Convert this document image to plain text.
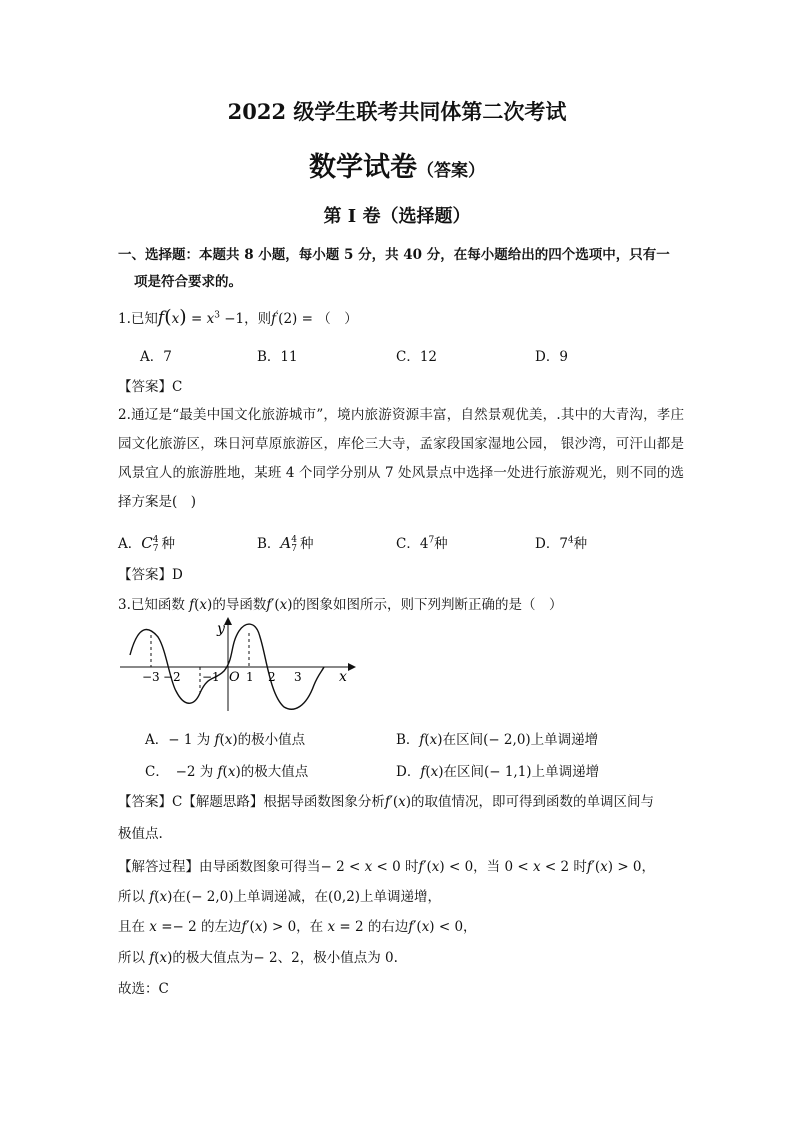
2022 级学生联考共同体第二次考试
数学试卷（答案）
第 I 卷（选择题）
一、选择题：本题共 8 小题，每小题 5 分，共 40 分，在每小题给出的四个选项中，只有一
项是符合要求的。
1.已知$f(x) = x^3 -1$，则f′(2) = （　）
A．7	B．11	C．12	D．9
【答案】C
2.通辽是“最美中国文化旅游城市”，境内旅游资源丰富，自然景观优美，.其中的大青沟，孝庄园文化旅游区，珠日河草原旅游区，库伦三大寺，孟家段国家湿地公园， 银沙湾，可汗山都是风景宜人的旅游胜地，某班 4 个同学分别从 7 处风景点中选择一处进行旅游观光，则不同的选择方案是(　)
A．C 4
7 种	B．A 4
7 种	C．$4^7$种	D．$7^4$种
【答案】D
3.已知函数 𝑓(𝑥)的导函数𝑓′(𝑥)的图象如图所示，则下列判断正确的是（　）
y
x
O
−3 −2 −1 1 2 3
A．− 1 为 𝑓(𝑥)的极小值点	B．𝑓(𝑥)在区间(− 2,0)上单调递增
C．　−2 为 𝑓(𝑥)的极大值点	D．𝑓(𝑥)在区间(− 1,1)上单调递增
【答案】C【解题思路】根据导函数图象分析𝑓′(𝑥)的取值情况，即可得到函数的单调区间与
极值点.
【解答过程】由导函数图象可得当− 2 < 𝑥 < 0 时𝑓′(𝑥) < 0，当 0 < 𝑥 < 2 时𝑓′(𝑥) > 0，
所以 𝑓(𝑥)在(− 2,0)上单调递减，在(0,2)上单调递增，
且在 𝑥 =− 2 的左边𝑓′(𝑥) > 0，在 𝑥 = 2 的右边𝑓′(𝑥) < 0，
所以 𝑓(𝑥)的极大值点为− 2、2，极小值点为 0.
故选：C
